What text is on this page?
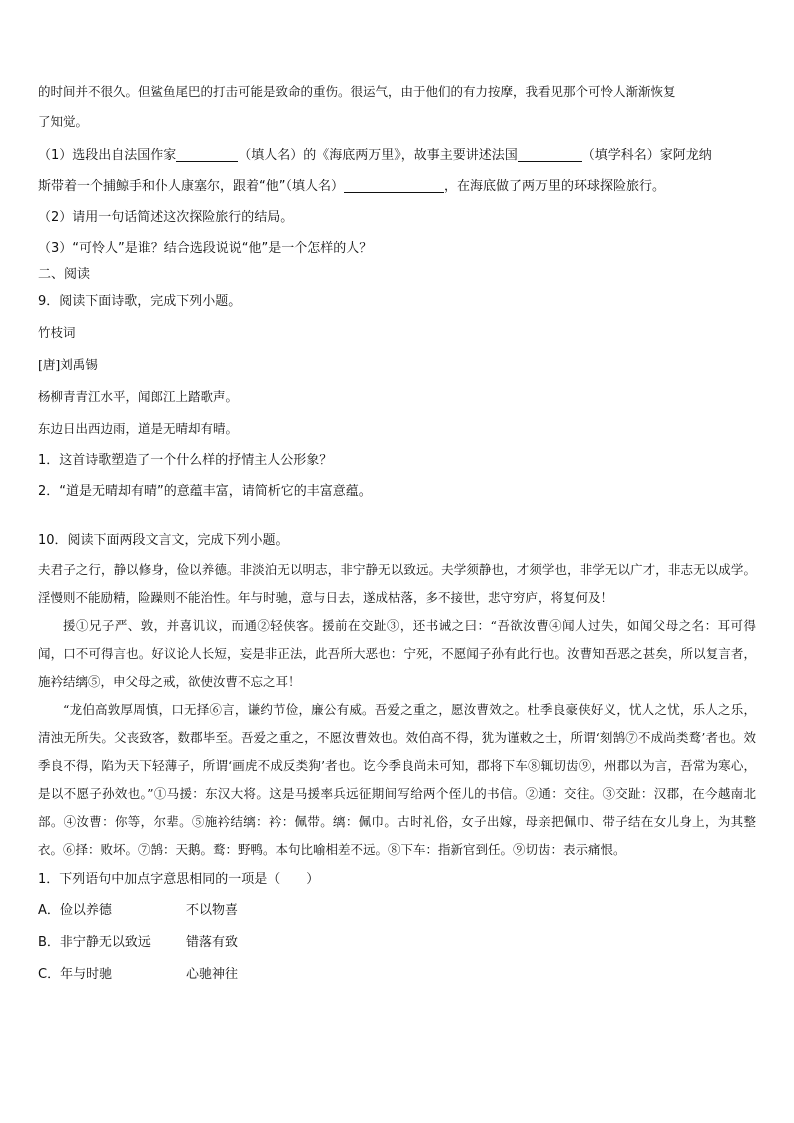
的时间并不很久。但鲨鱼尾巴的打击可能是致命的重伤。很运气，由于他们的有力按摩，我看见那个可怜人渐渐恢复

了知觉。

（1）选段出自法国作家	（填人名）的《海底两万里》，故事主要讲述法国	（填学科名）家阿龙纳

斯带着一个捕鲸手和仆人康塞尔，跟着“他”（填人名）	，在海底做了两万里的环球探险旅行。

（2）请用一句话简述这次探险旅行的结局。

（3）“可怜人”是谁？结合选段说说“他”是一个怎样的人？

二、阅读

9．阅读下面诗歌，完成下列小题。

竹枝词

[唐]刘禹锡

杨柳青青江水平，闻郎江上踏歌声。

东边日出西边雨，道是无晴却有晴。

1．这首诗歌塑造了一个什么样的抒情主人公形象？

2．“道是无晴却有晴”的意蕴丰富，请简析它的丰富意蕴。

10．阅读下面两段文言文，完成下列小题。

夫君子之行，静以修身，俭以养德。非淡泊无以明志，非宁静无以致远。夫学须静也，才须学也，非学无以广才，非志无以成学。淫慢则不能励精，险躁则不能治性。年与时驰，意与日去，遂成枯落，多不接世，悲守穷庐，将复何及！

援①兄子严、敦，并喜讥议，而通②轻侠客。援前在交趾③，还书诫之曰：“吾欲汝曹④闻人过失，如闻父母之名：耳可得闻，口不可得言也。好议论人长短，妄是非正法，此吾所大恶也：宁死，不愿闻子孙有此行也。汝曹知吾恶之甚矣，所以复言者，施衿结缡⑤，申父母之戒，欲使汝曹不忘之耳！

“龙伯高敦厚周慎，口无择⑥言，谦约节俭，廉公有威。吾爱之重之，愿汝曹效之。杜季良豪侠好义，忧人之忧，乐人之乐，清浊无所失。父丧致客，数郡毕至。吾爱之重之，不愿汝曹效也。效伯高不得，犹为谨敕之士，所谓‘刻鹄⑦不成尚类鹜’者也。效季良不得，陷为天下轻薄子，所谓‘画虎不成反类狗’者也。讫今季良尚未可知，郡将下车⑧辄切齿⑨，州郡以为言，吾常为寒心，是以不愿子孙效也。”①马援：东汉大将。这是马援率兵远征期间写给两个侄儿的书信。②通：交往。③交趾：汉郡，在今越南北部。④汝曹：你等，尔辈。⑤施衿结缡：衿：佩带。缡：佩巾。古时礼俗，女子出嫁，母亲把佩巾、带子结在女儿身上，为其整衣。⑥择：败坏。⑦鹄：天鹅。鹜：野鸭。本句比喻相差不远。⑧下车：指新官到任。⑨切齿：表示痛恨。

1．下列语句中加点字意思相同的一项是（　　）

A．俭以养德	不以物喜
B．非宁静无以致远	错落有致
C．年与时驰	心驰神往
